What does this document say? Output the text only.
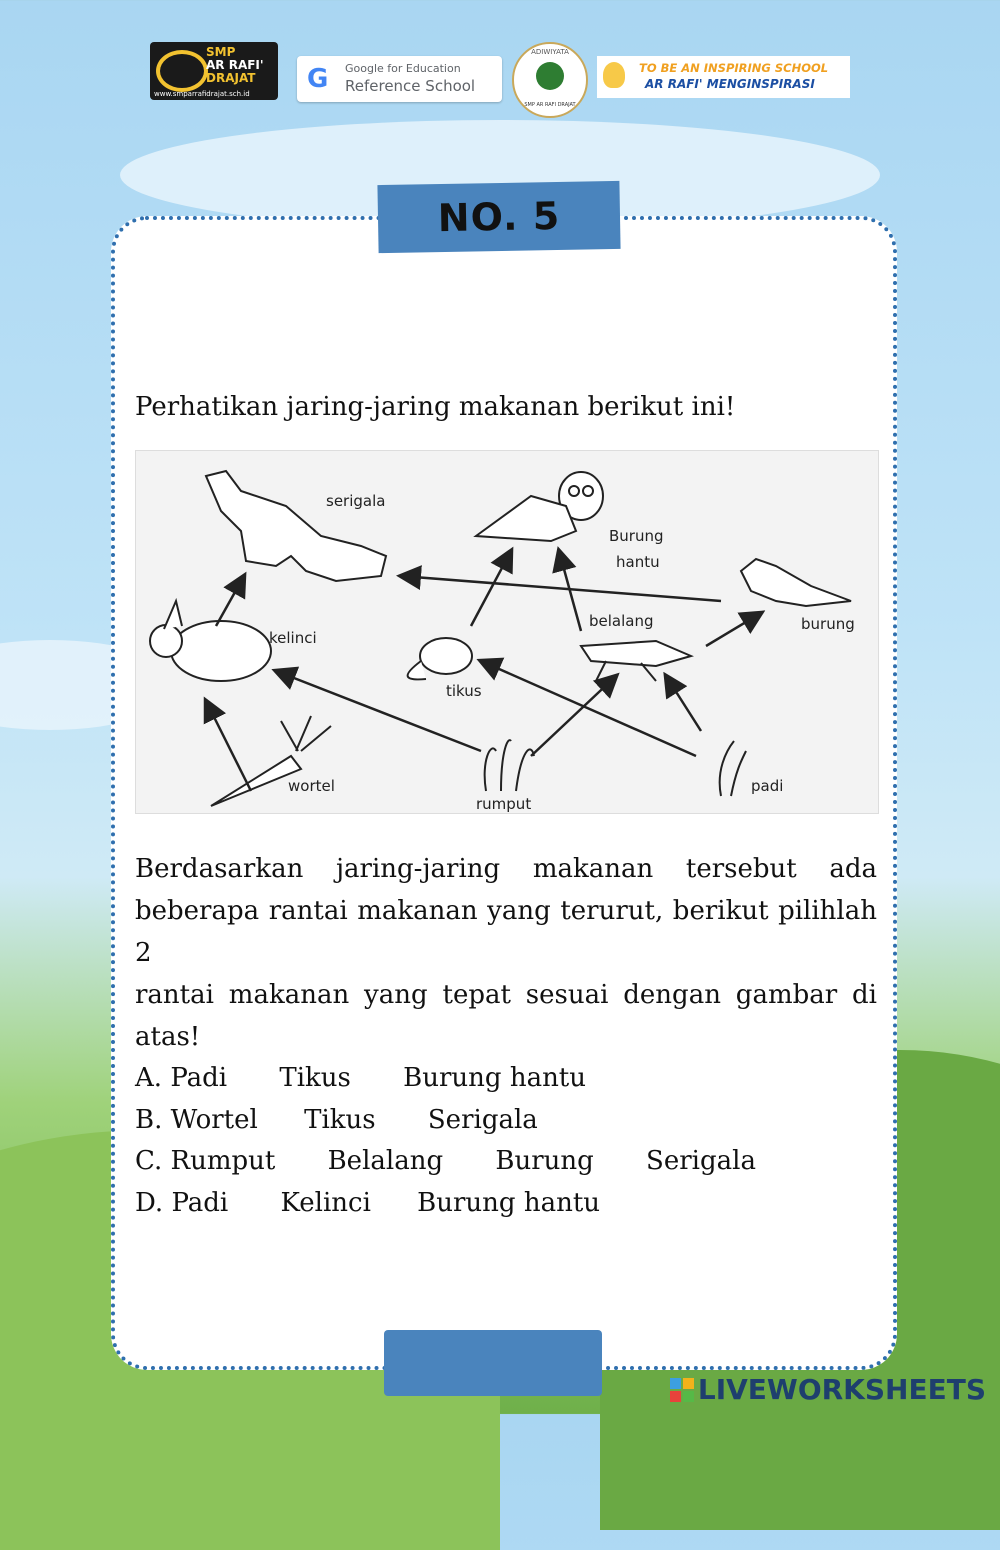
SMP
AR RAFI'
DRAJAT
www.smparrafidrajat.sch.id G Google for Education
Reference School
ADIWIYATA
SMP AR RAFI DRAJAT
TO BE AN INSPIRING SCHOOL
AR RAFI' MENGINSPIRASI
NO. 5

Perhatikan jaring-jaring makanan berikut ini!

serigala
Burung
hantu
burung
kelinci
tikus
belalang
wortel
rumput
padi

Berdasarkan jaring-jaring makanan tersebut ada

beberapa rantai makanan yang terurut, berikut pilihlah 2

rantai makanan yang tepat sesuai dengan gambar di atas!

A. Padi Tikus Burung hantu
B. Wortel Tikus Serigala
C. Rumput Belalang Burung Serigala
D. Padi Kelinci Burung hantu
LIVEWORKSHEETS
